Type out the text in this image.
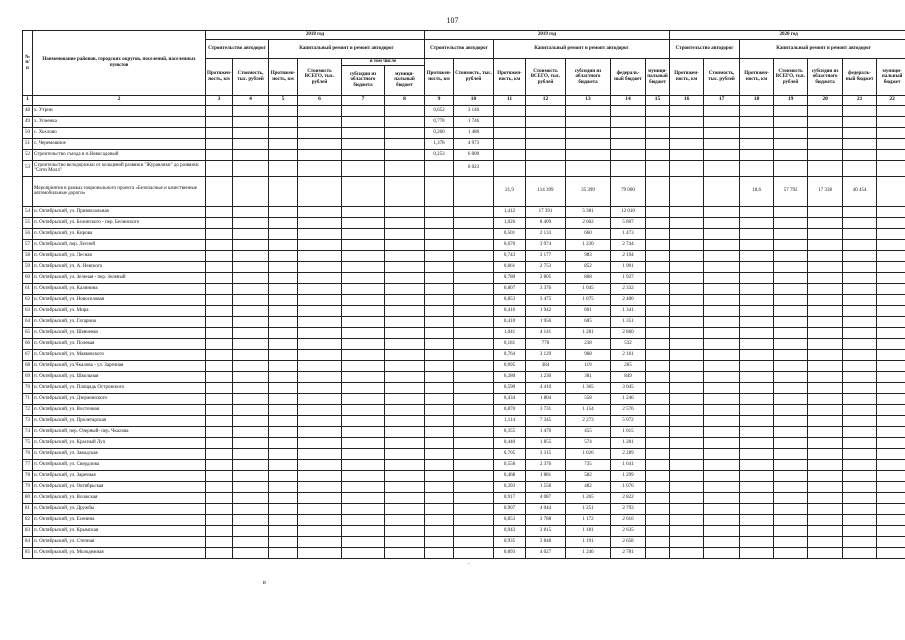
107
№ п/п	Наименование районов, городских округов, поселений, населенных пунктов	2018 год						2019 год							2020 год						
		Строительство автодорог		Капитальный ремонт и ремонт автодорог				Строительство автодорог		Капитальный ремонт и ремонт автодорог					Строительство автодорог		Капитальный ремонт и ремонт автодорог				
		Протяжен- ность, км	Стоимость, тыс. рублей	Протяжен- ность, км	Стоимость ВСЕГО, тыс. рублей	в том числе		Протяжен- ность, км	Стоимость, тыс. рублей	Протяжен- ность, км	Стоимость ВСЕГО, тыс. рублей	субсидии из областного бюджета	федераль- ный бюджет	муници- пальный бюджет	Протяжен- ность, км	Стоимость, тыс. рублей	Протяжен- ность, км	Стоимость ВСЕГО, тыс. рублей	субсидии из областного бюджета	федераль- ный бюджет	муници- пальный бюджет
						субсидии из областного бюджета	муници- пальный бюджет														
1	2	3	4	5	6	7	8	9	10	11	12	13	14	15	16	17	18	19	20	21	22
48	х. Утрин							0,652	3 146												
49	х. Усменка							0,778	1 746												
50	с. Хохлово							0,260	1 486												
51	с. Черемошное							1,378	4 973												
52	Строительство съезда в п.Новосадовый							0,253	6 000												
53	Строительство велодорожки от кольцевой развязки "Журавлики" до развязки "Сити Молл"								6 023												
	Мероприятия в рамках национального проекта «Безопасные и качественные автомобильные дороги»									21,9	114 399	35 399	79 000				18,6	57 792	17 338	40 454	
54	п. Октябрьский, ул. Привокзальная									1,412	17 391	5 381	12 010								
55	п. Октябрьский, ул. Белинского - пер. Белинского									1,026	8 409	2 602	5 807								
56	п. Октябрьский, ул. Кирова									0,501	2 133	660	1 473								
57	п. Октябрьский, пер. Лесной									0,670	3 974	1 230	2 744								
58	п. Октябрьский, ул. Лесная									0,743	3 177	983	2 194								
59	п. Октябрьский, ул. А. Невского									0,661	2 753	852	1 901								
60	п. Октябрьский, ул. Зеленая - пер. Зеленый									0,780	2 805	868	1 937								
61	п. Октябрьский, ул. Калинина									0,807	3 376	1 045	2 332								
62	п. Октябрьский, ул. Новоселовая									0,853	3 475	1 075	2 400								
63	п. Октябрьский, ул. Мира									0,416	1 942	601	1 341								
64	п. Октябрьский, ул. Гагарина									0,410	1 956	605	1 351								
65	п. Октябрьский, ул. Шевченко									1,041	4 141	1 281	2 860								
66	п. Октябрьский, ул. Полевая									0,181	770	238	532								
67	п. Октябрьский, ул. Маяковского									0,764	3 129	968	2 161								
68	п. Октябрьский, ул.Чкалова - ул. Заречная									0,095	384	119	265								
69	п. Октябрьский, ул. Школьная									0,280	1 230	381	849								
70	п. Октябрьский, ул. Площадь Островского									0,590	4 410	1 365	3 045								
71	п. Октябрьский, ул. Дзержинского									0,434	1 804	558	1 246								
72	п. Октябрьский, ул. Восточная									0,870	3 731	1 154	2 576								
73	п. Октябрьский, ул. Пролетарская									1,114	7 345	2 273	5 072								
74	п. Октябрьский, пер. Озерный- пер. Чкалова									0,355	1 470	455	1 015								
75	п. Октябрьский, ул. Красный Луч									0,440	1 855	574	1 281								
76	п. Октябрьский, ул. Заводская									0,705	3 315	1 026	2 289								
77	п. Октябрьский, ул. Свердлова									0,558	2 376	735	1 641								
78	п. Октябрьский, ул. Заречная									0,468	1 881	582	1 299								
79	п. Октябрьский, ул. Октябрьская									0,393	1 558	482	1 076								
80	п. Октябрьский, ул. Волжская									0,917	4 087	1 265	2 822								
81	п. Октябрьский, ул. Дружбы									0,907	4 044	1 251	2 793								
82	п. Октябрьский, ул. Есенина									0,853	3 788	1 172	2 616								
83	п. Октябрьский, ул. Крымская									0,943	3 815	1 181	2 635								
84	п. Октябрьский, ул. Степная									0,935	3 848	1 191	2 658								
85	п. Октябрьский, ул. Молодежная									0,893	4 027	1 246	2 781								
в
-
